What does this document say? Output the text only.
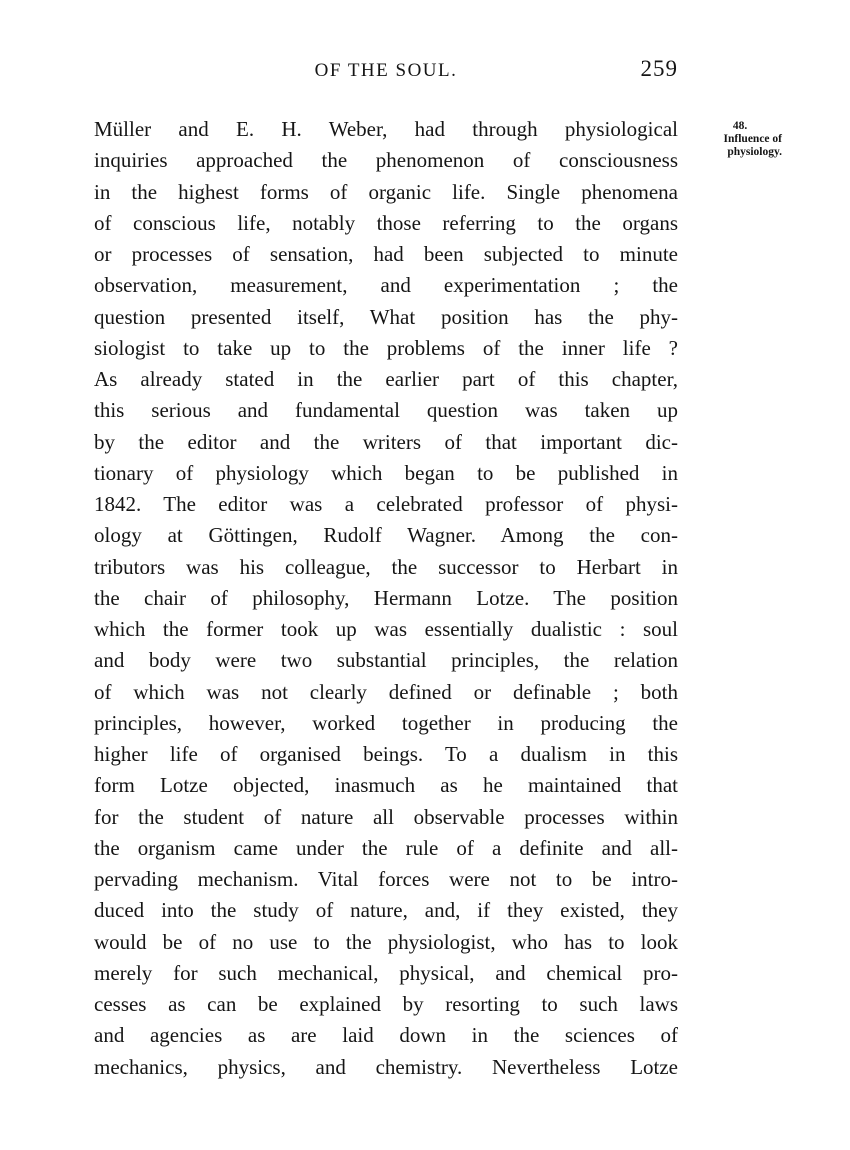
OF THE SOUL.	259
48.
Influence of
physiology.
Müller and E. H. Weber, had through physiological
inquiries approached the phenomenon of consciousness
in the highest forms of organic life. Single phenomena
of conscious life, notably those referring to the organs
or processes of sensation, had been subjected to minute
observation, measurement, and experimentation ; the
question presented itself, What position has the phy-
siologist to take up to the problems of the inner life ?
As already stated in the earlier part of this chapter,
this serious and fundamental question was taken up
by the editor and the writers of that important dic-
tionary of physiology which began to be published in
1842. The editor was a celebrated professor of physi-
ology at Göttingen, Rudolf Wagner. Among the con-
tributors was his colleague, the successor to Herbart in
the chair of philosophy, Hermann Lotze. The position
which the former took up was essentially dualistic : soul
and body were two substantial principles, the relation
of which was not clearly defined or definable ; both
principles, however, worked together in producing the
higher life of organised beings. To a dualism in this
form Lotze objected, inasmuch as he maintained that
for the student of nature all observable processes within
the organism came under the rule of a definite and all-
pervading mechanism. Vital forces were not to be intro-
duced into the study of nature, and, if they existed, they
would be of no use to the physiologist, who has to look
merely for such mechanical, physical, and chemical pro-
cesses as can be explained by resorting to such laws
and agencies as are laid down in the sciences of
mechanics, physics, and chemistry. Nevertheless Lotze
